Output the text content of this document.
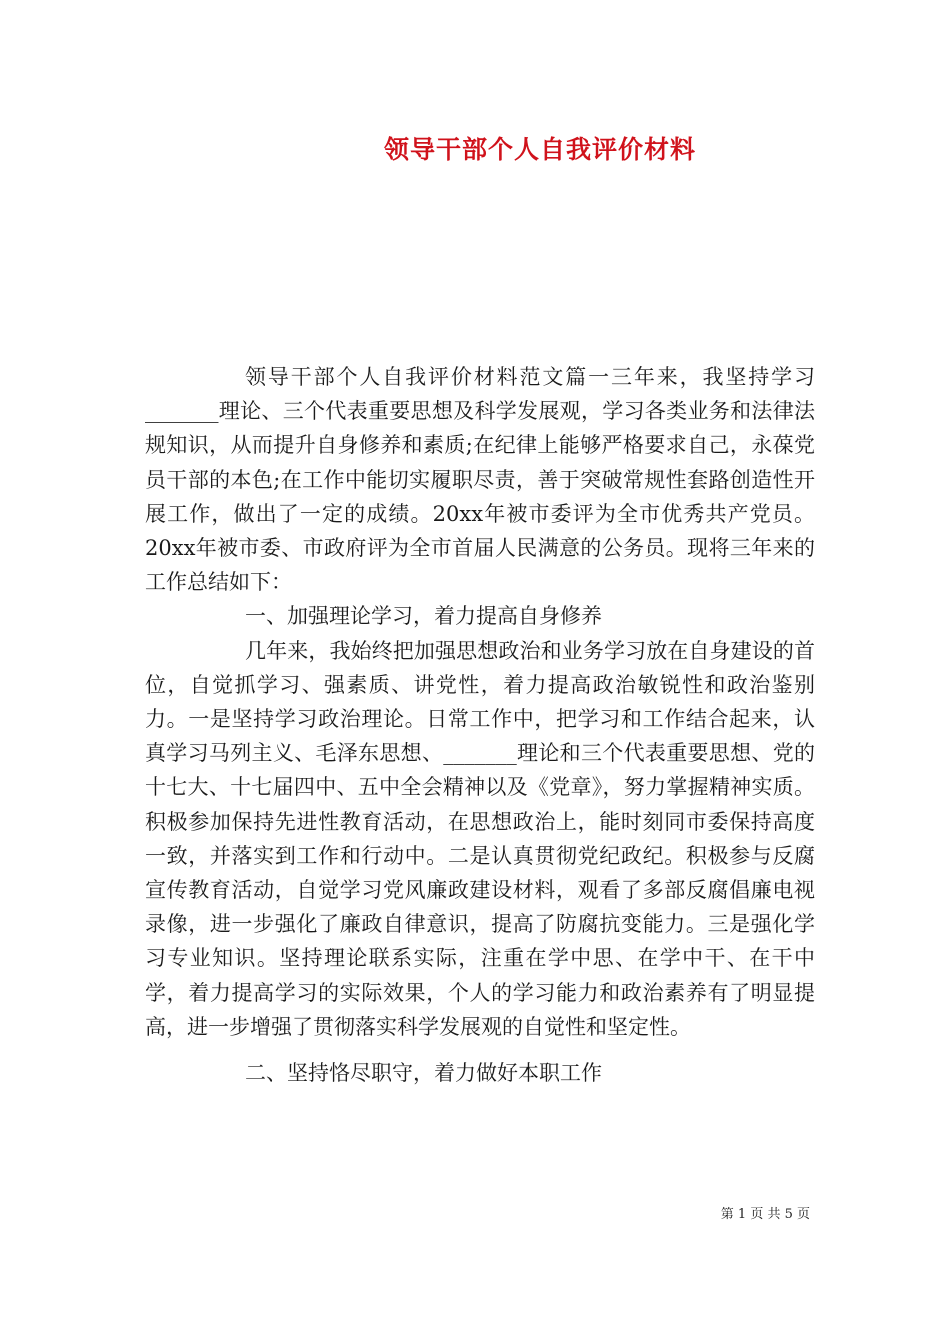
领导干部个人自我评价材料

领导干部个人自我评价材料范文篇一三年来，我坚持学习_______理论、三个代表重要思想及科学发展观，学习各类业务和法律法规知识，从而提升自身修养和素质;在纪律上能够严格要求自己，永葆党员干部的本色;在工作中能切实履职尽责，善于突破常规性套路创造性开展工作，做出了一定的成绩。20xx年被市委评为全市优秀共产党员。20xx年被市委、市政府评为全市首届人民满意的公务员。现将三年来的工作总结如下：

一、加强理论学习，着力提高自身修养

几年来，我始终把加强思想政治和业务学习放在自身建设的首位，自觉抓学习、强素质、讲党性，着力提高政治敏锐性和政治鉴别力。一是坚持学习政治理论。日常工作中，把学习和工作结合起来，认真学习马列主义、毛泽东思想、_______理论和三个代表重要思想、党的十七大、十七届四中、五中全会精神以及《党章》，努力掌握精神实质。积极参加保持先进性教育活动，在思想政治上，能时刻同市委保持高度一致，并落实到工作和行动中。二是认真贯彻党纪政纪。积极参与反腐宣传教育活动，自觉学习党风廉政建设材料，观看了多部反腐倡廉电视录像，进一步强化了廉政自律意识，提高了防腐抗变能力。三是强化学习专业知识。坚持理论联系实际，注重在学中思、在学中干、在干中学，着力提高学习的实际效果，个人的学习能力和政治素养有了明显提高，进一步增强了贯彻落实科学发展观的自觉性和坚定性。

二、坚持恪尽职守，着力做好本职工作

第 1 页 共 5 页
